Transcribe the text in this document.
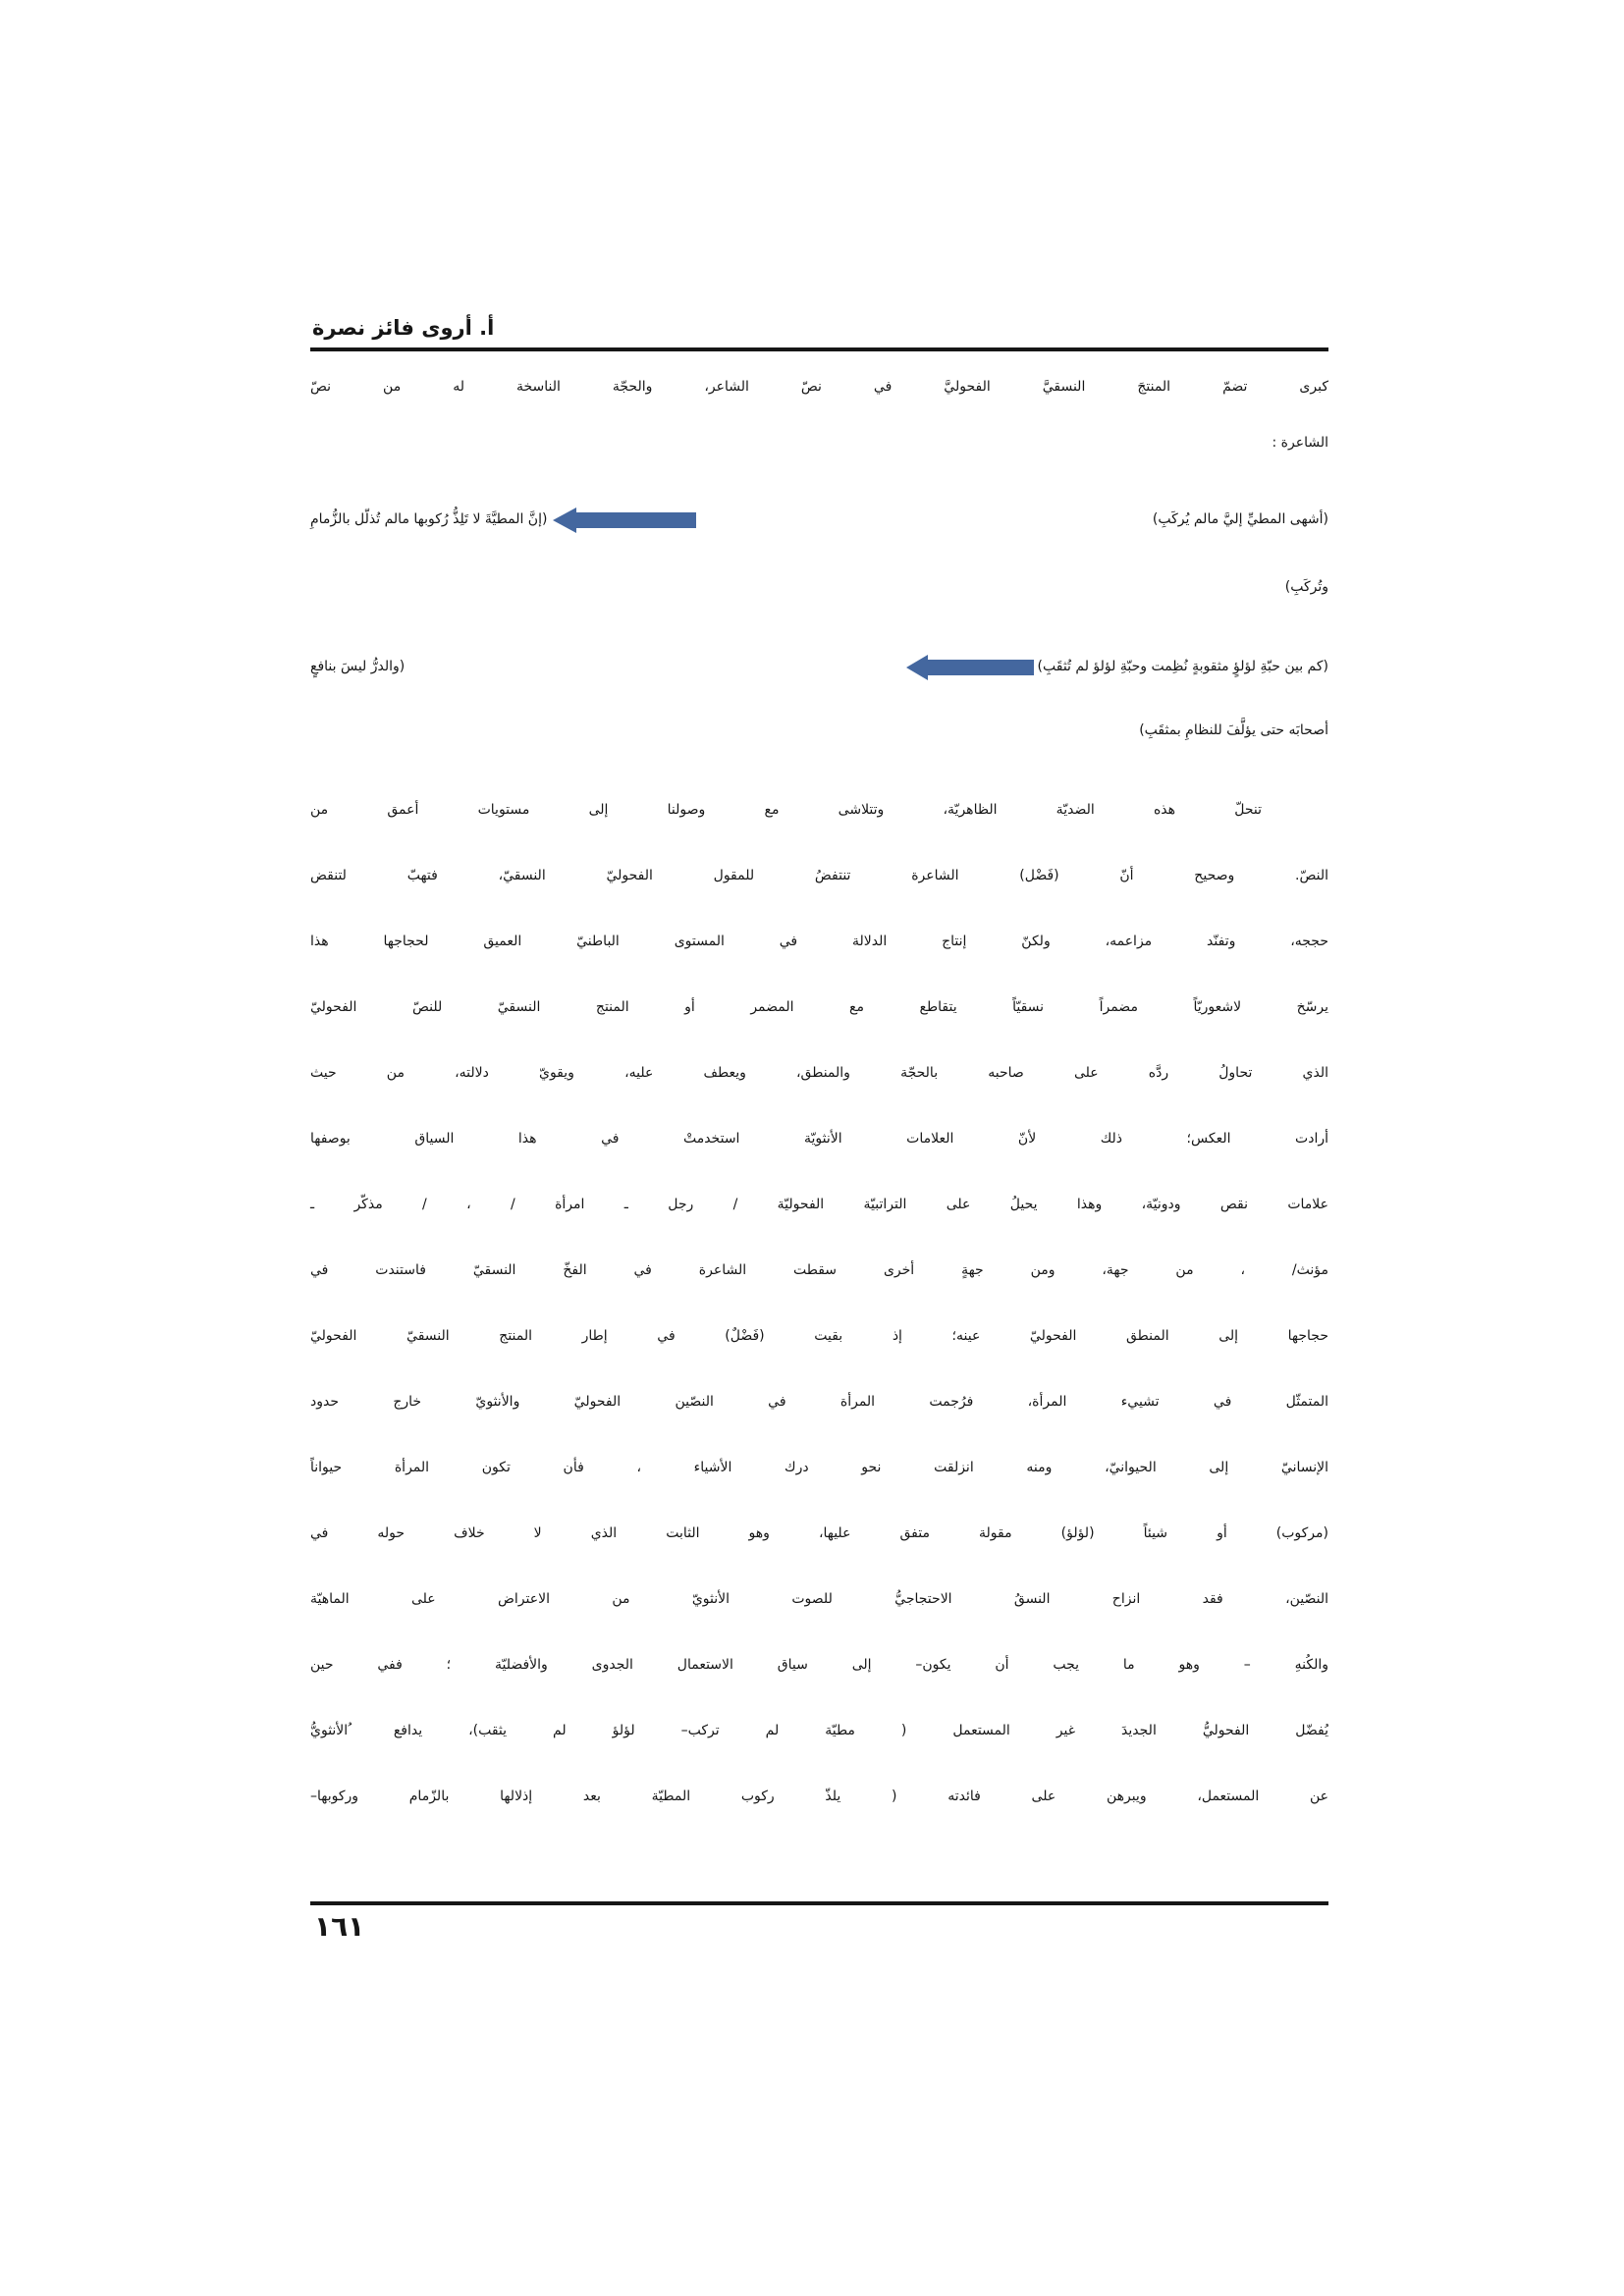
أ. أروى فائز نصرة
كبرى تضمّ المنتجَ النسقيَّ الفحوليَّ في نصّ الشاعر، والحجّة الناسخة له من نصّ
الشاعرة :
(أشهى المطيِّ إليَّ مالم يُركَبِ)
(إنَّ المطيَّةَ لا تَلِذُّ رُكوبها مالم تُذلّل بالزُّمامِ
وتُركَبِ)
(كم بين حبّةِ لؤلؤٍ مثقوبةٍ نُظِمت وحبّةِ لؤلؤ لم تُثقَبِ)
(والدرُّ ليسَ بنافعٍ
أصحابَه حتى يؤلَّفَ للنظامِ بمثقَبِ)
تنحلّ هذه الضديّة الظاهريّة، وتتلاشى مع وصولنا إلى مستويات أعمق من
النصّ. وصحيح أنّ (فَضْل) الشاعرة تنتفضُ للمقول الفحوليّ النسقيّ، فتهبّ لتنقض
حججه، وتفنّد مزاعمه، ولكنّ إنتاج الدلالة في المستوى الباطنيّ العميق لحجاجها هذا
يرسّخ لاشعوريّاً مضمراً نسقيّاً يتقاطع مع المضمر أو المنتج النسقيّ للنصّ الفحوليّ
الذي تحاولُ ردَّه على صاحبه بالحجّة والمنطق، ويعطف عليه، ويقويّ دلالته، من حيث
أرادت العكس؛ ذلك لأنّ العلامات الأنثويّة استخدمتْ في هذا السياق بوصفها
علامات نقص ودونيّة، وهذا يحيلُ على التراتبيّة الفحوليّة / رجل ـ امرأة / ، / مذكّر ـ
مؤنث/ ، من جهة، ومن جهةٍ أخرى سقطت الشاعرة في الفخّ النسقيّ فاستندت في
حجاجها إلى المنطق الفحوليّ عينه؛ إذ بقيت (فَضْلٌ) في إطار المنتج النسقيّ الفحوليّ
المتمثّل في تشييء المرأة، فرُجمت المرأة في النصّين الفحوليّ والأنثويّ خارج حدود
الإنسانيّ إلى الحيوانيّ، ومنه انزلقت نحو درك الأشياء ، فأن تكون المرأة حيواناً
(مركوب) أو شيئاً (لؤلؤ) مقولة متفق عليها، وهو الثابت الذي لا خلاف حوله في
النصّين، فقد انزاح النسقُ الاحتجاجيُّ للصوت الأنثويّ من الاعتراض على الماهيّة
والكُنهِ – وهو ما يجب أن يكون– إلى سياق الاستعمال الجدوى والأفضليّة ؛ ففي حين
يُفضّل الفحوليُّ الجديدَ غير المستعمل ( مطيّة لم تركب– لؤلؤ لم يثقب)، يدافع ُالأنثويُّ
عن المستعمل، ويبرهن على فائدته ( يلذّ ركوب المطيّة بعد إذلالها بالزّمام وركوبها–
١٦١
